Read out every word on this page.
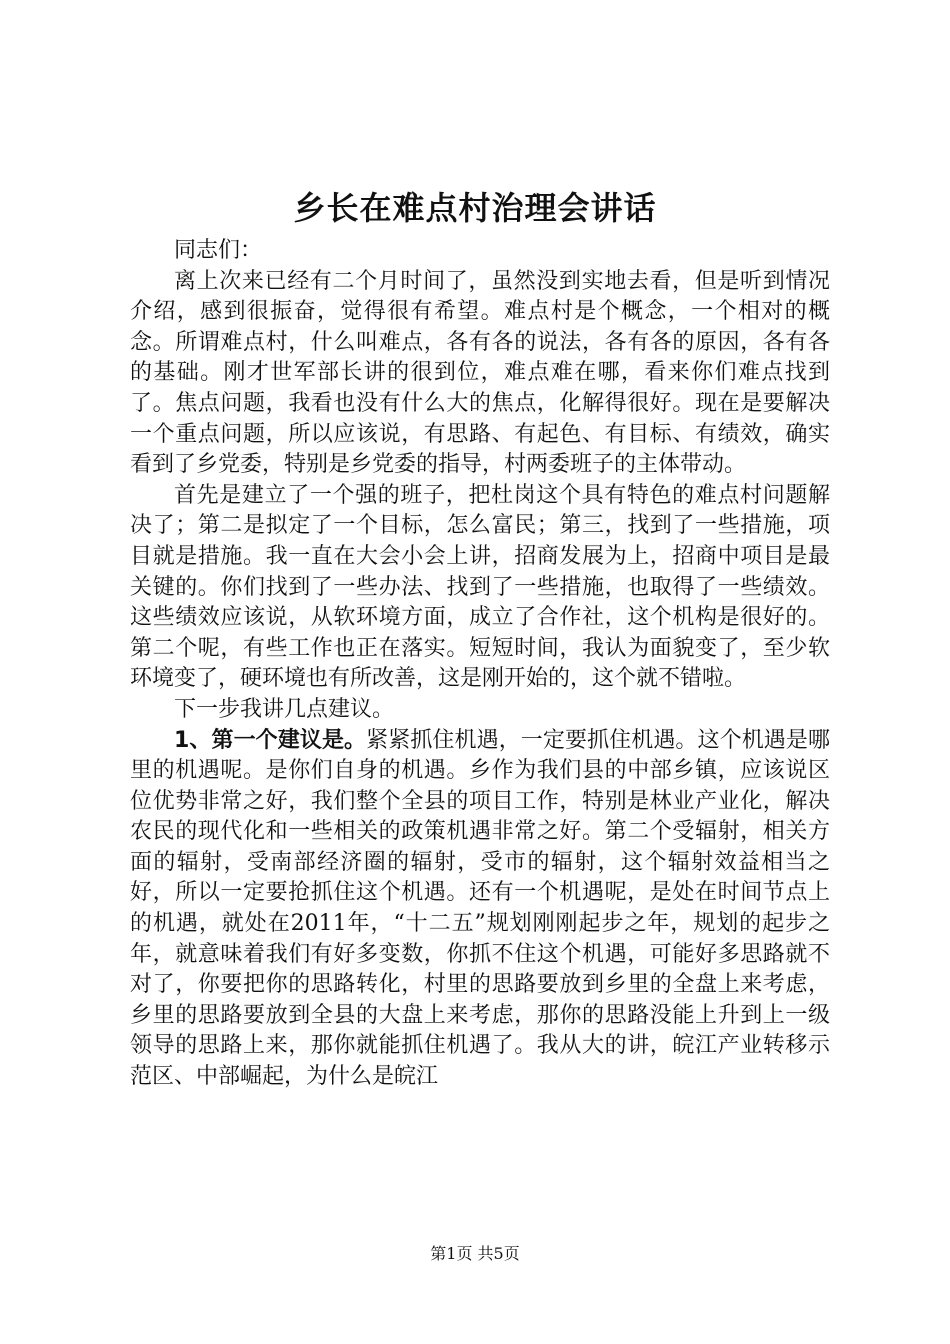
乡长在难点村治理会讲话

同志们：

离上次来已经有二个月时间了，虽然没到实地去看，但是听到情况介绍，感到很振奋，觉得很有希望。难点村是个概念，一个相对的概念。所谓难点村，什么叫难点，各有各的说法，各有各的原因，各有各的基础。刚才世军部长讲的很到位，难点难在哪，看来你们难点找到了。焦点问题，我看也没有什么大的焦点，化解得很好。现在是要解决一个重点问题，所以应该说，有思路、有起色、有目标、有绩效，确实看到了乡党委，特别是乡党委的指导，村两委班子的主体带动。

首先是建立了一个强的班子，把杜岗这个具有特色的难点村问题解决了；第二是拟定了一个目标，怎么富民；第三，找到了一些措施，项目就是措施。我一直在大会小会上讲，招商发展为上，招商中项目是最关键的。你们找到了一些办法、找到了一些措施，也取得了一些绩效。这些绩效应该说，从软环境方面，成立了合作社，这个机构是很好的。第二个呢，有些工作也正在落实。短短时间，我认为面貌变了，至少软环境变了，硬环境也有所改善，这是刚开始的，这个就不错啦。

下一步我讲几点建议。

1、第一个建议是。紧紧抓住机遇，一定要抓住机遇。这个机遇是哪里的机遇呢。是你们自身的机遇。乡作为我们县的中部乡镇，应该说区位优势非常之好，我们整个全县的项目工作，特别是林业产业化，解决农民的现代化和一些相关的政策机遇非常之好。第二个受辐射，相关方面的辐射，受南部经济圈的辐射，受市的辐射，这个辐射效益相当之好，所以一定要抢抓住这个机遇。还有一个机遇呢，是处在时间节点上的机遇，就处在2011年，“十二五”规划刚刚起步之年，规划的起步之年，就意味着我们有好多变数，你抓不住这个机遇，可能好多思路就不对了，你要把你的思路转化，村里的思路要放到乡里的全盘上来考虑，乡里的思路要放到全县的大盘上来考虑，那你的思路没能上升到上一级领导的思路上来，那你就能抓住机遇了。我从大的讲，皖江产业转移示范区、中部崛起，为什么是皖江

第1页 共5页
